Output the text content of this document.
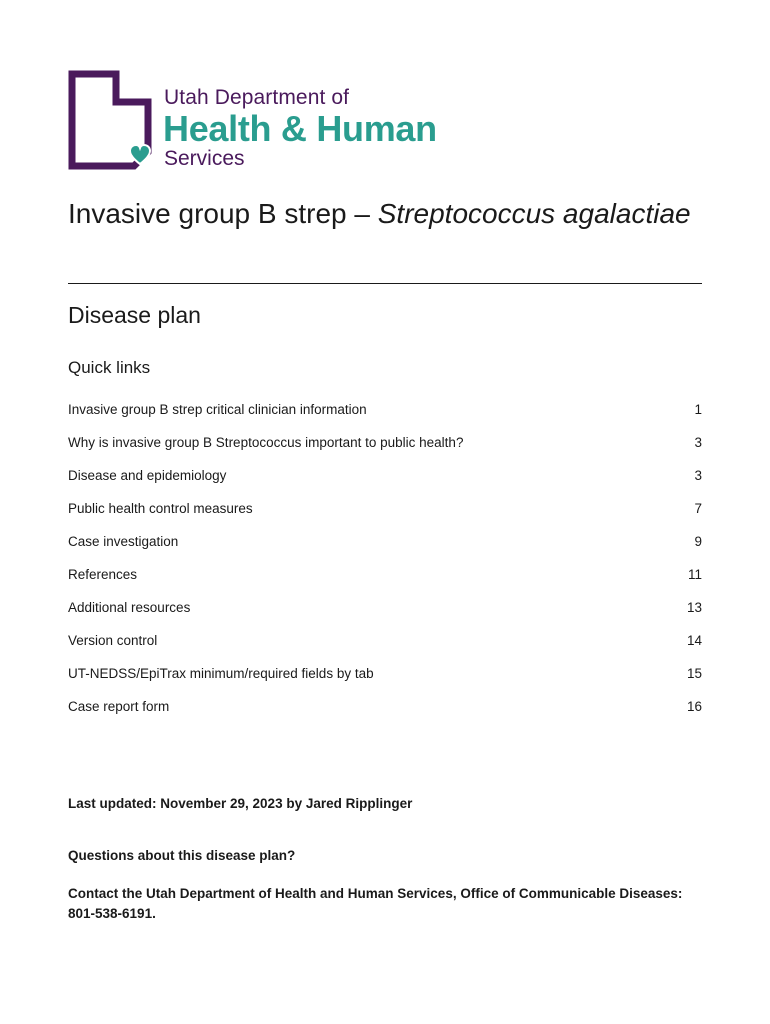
Utah Department of
Health & Human
Services
Invasive group B strep – Streptococcus agalactiae
Disease plan
Quick links
Invasive group B strep critical clinician information	1
Why is invasive group B Streptococcus important to public health?	3
Disease and epidemiology	3
Public health control measures	7
Case investigation	9
References	11
Additional resources	13
Version control	14
UT-NEDSS/EpiTrax minimum/required fields by tab	15
Case report form	16

Last updated: November 29, 2023 by Jared Ripplinger

Questions about this disease plan?

Contact the Utah Department of Health and Human Services, Office of Communicable Diseases: 801-538-6191.
